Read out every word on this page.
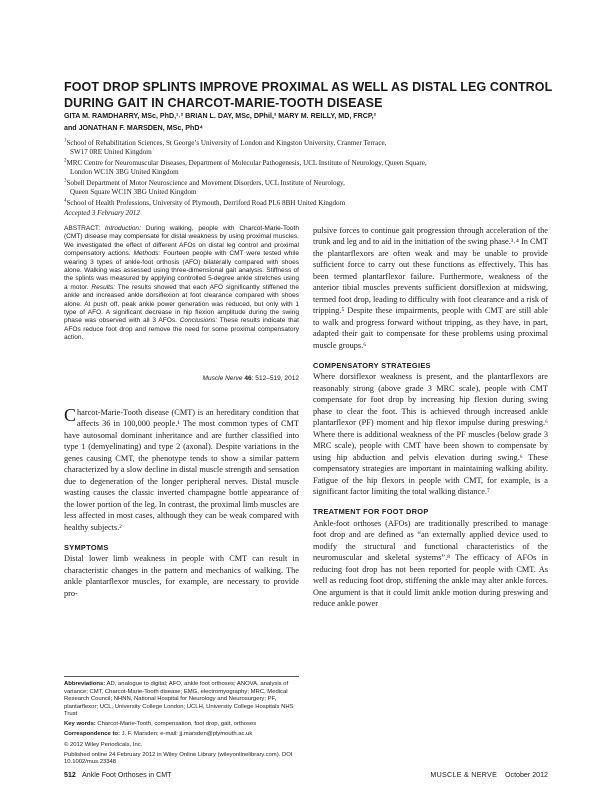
FOOT DROP SPLINTS IMPROVE PROXIMAL AS WELL AS DISTAL LEG CONTROL DURING GAIT IN CHARCOT-MARIE-TOOTH DISEASE

GITA M. RAMDHARRY, MSc, PhD,¹˒² BRIAN L. DAY, MSc, DPhil,³ MARY M. REILLY, MD, FRCP,²

and JONATHAN F. MARSDEN, MSc, PhD⁴

$^1$School of Rehabilitation Sciences, St George’s University of London and Kingston University, Cranmer Terrace,
SW17 0RE United Kingdom

$^2$MRC Centre for Neuromuscular Diseases, Department of Molecular Pathogenesis, UCL Institute of Neurology, Queen Square,
London WC1N 3BG United Kingdom

$^3$Sobell Department of Motor Neuroscience and Movement Disorders, UCL Institute of Neurology,
Queen Square WC1N 3BG United Kingdom

$^4$School of Health Professions, University of Plymouth, Derriford Road PL6 8BH United Kingdom

Accepted 3 February 2012

ABSTRACT: Introduction: During walking, people with Charcot-Marie-Tooth (CMT) disease may compensate for distal weakness by using proximal muscles. We investigated the effect of different AFOs on distal leg control and proximal compensatory actions. Methods: Fourteen people with CMT were tested while wearing 3 types of ankle-foot orthosis (AFO) bilaterally compared with shoes alone. Walking was assessed using three-dimensional gait analysis. Stiffness of the splints was measured by applying controlled 5-degree ankle stretches using a motor. Results: The results showed that each AFO significantly stiffened the ankle and increased ankle dorsiflexion at foot clearance compared with shoes alone. At push off, peak ankle power generation was reduced, but only with 1 type of AFO. A significant decrease in hip flexion amplitude during the swing phase was observed with all 3 AFOs. Conclusions: These results indicate that AFOs reduce foot drop and remove the need for some proximal compensatory action.

Muscle Nerve 46: 512–519, 2012

Charcot-Marie-Tooth disease (CMT) is an hereditary condition that affects 36 in 100,000 people.¹ The most common types of CMT have autosomal dominant inheritance and are further classified into type 1 (demyelinating) and type 2 (axonal). Despite variations in the genes causing CMT, the phenotype tends to show a similar pattern characterized by a slow decline in distal muscle strength and sensation due to degeneration of the longer peripheral nerves. Distal muscle wasting causes the classic inverted champagne bottle appearance of the lower portion of the leg. In contrast, the proximal limb muscles are less affected in most cases, although they can be weak compared with healthy subjects.²

SYMPTOMS

Distal lower limb weakness in people with CMT can result in characteristic changes in the pattern and mechanics of walking. The ankle plantarflexor muscles, for example, are necessary to provide pro-

Abbreviations: AD, analogue to digital; AFO, ankle foot orthoses; ANOVA, analysis of variance; CMT, Charcot-Marie-Tooth disease; EMG, electromyography; MRC, Medical Research Council; NHNN, National Hospital for Neurology and Neurosurgery; PF, plantarflexor; UCL, University College London; UCLH, University College Hospitals NHS Trust

Key words: Charcot-Marie-Tooth, compensation, foot drop, gait, orthoses

Correspondence to: J. F. Marsden; e-mail: jj.marsden@plymouth.ac.uk

© 2012 Wiley Periodicals, Inc.

Published online 24 February 2012 in Wiley Online Library (wileyonlinelibrary.com). DOI 10.1002/mus.23348

pulsive forces to continue gait progression through acceleration of the trunk and leg and to aid in the initiation of the swing phase.³˒⁴ In CMT the plantarflexors are often weak and may be unable to provide sufficient force to carry out these functions as effectively. This has been termed plantarflexor failure. Furthermore, weakness of the anterior tibial muscles prevents sufficient dorsiflexion at midswing, termed foot drop, leading to difficulty with foot clearance and a risk of tripping.⁵ Despite these impairments, people with CMT are still able to walk and progress forward without tripping, as they have, in part, adapted their gait to compensate for these problems using proximal muscle groups.⁶

COMPENSATORY STRATEGIES

Where dorsiflexor weakness is present, and the plantarflexors are reasonably strong (above grade 3 MRC scale), people with CMT compensate for foot drop by increasing hip flexion during swing phase to clear the foot. This is achieved through increased ankle plantarflexor (PF) moment and hip flexor impulse during preswing.⁶ Where there is additional weakness of the PF muscles (below grade 3 MRC scale), people with CMT have been shown to compensate by using hip abduction and pelvis elevation during swing.⁶ These compensatory strategies are important in maintaining walking ability. Fatigue of the hip flexors in people with CMT, for example, is a significant factor limiting the total walking distance.⁷

TREATMENT FOR FOOT DROP

Ankle-foot orthoses (AFOs) are traditionally prescribed to manage foot drop and are defined as “an externally applied device used to modify the structural and functional characteristics of the neuromuscular and skeletal systems”.⁸ The efficacy of AFOs in reducing foot drop has not been reported for people with CMT. As well as reducing foot drop, stiffening the ankle may alter ankle forces. One argument is that it could limit ankle motion during preswing and reduce ankle power

512 Ankle Foot Orthoses in CMT	MUSCLE & NERVE October 2012
